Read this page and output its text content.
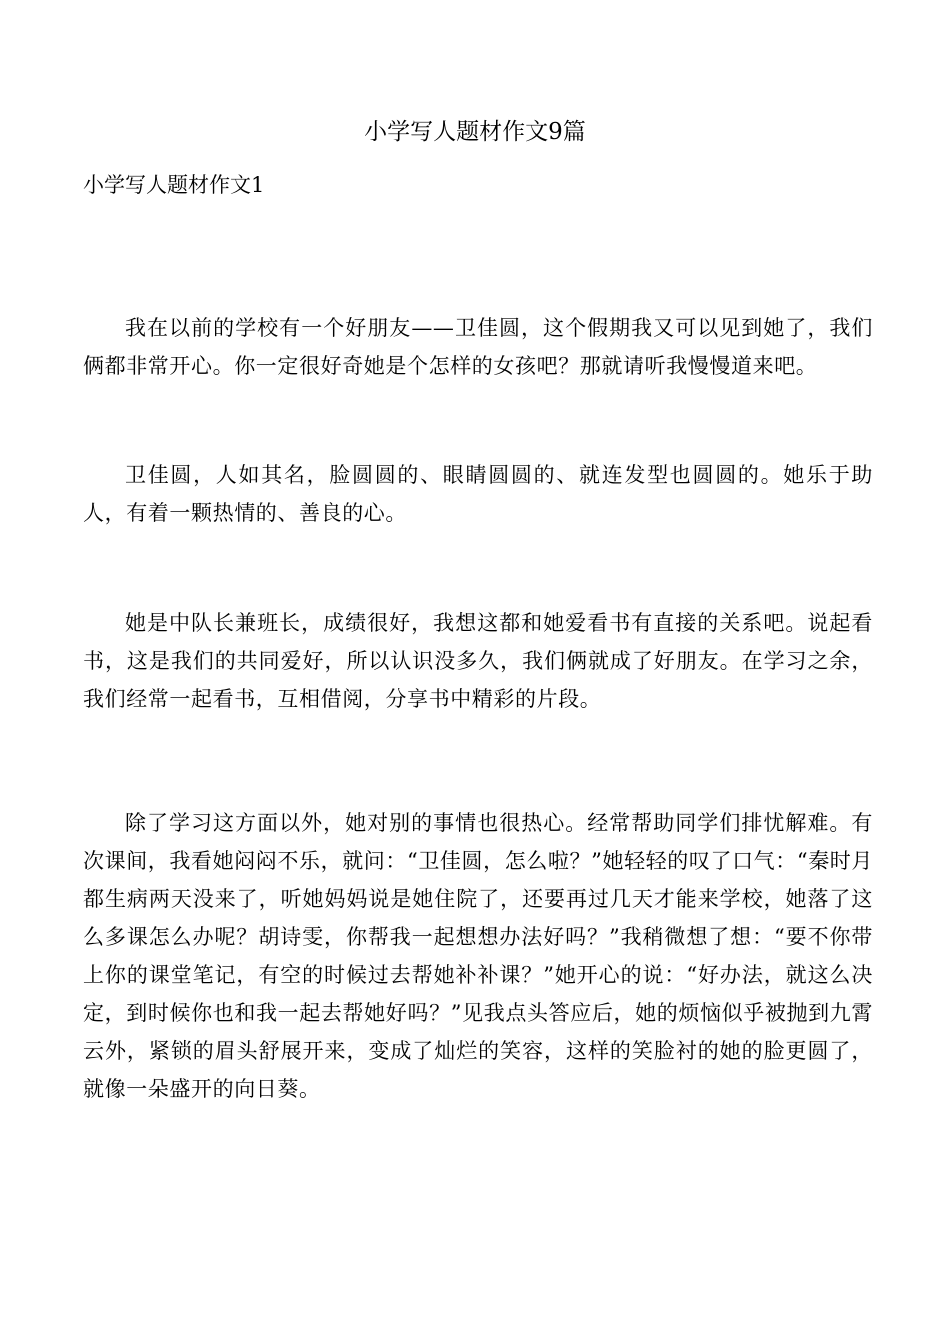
小学写人题材作文9篇
小学写人题材作文1

我在以前的学校有一个好朋友——卫佳圆，这个假期我又可以见到她了，我们俩都非常开心。你一定很好奇她是个怎样的女孩吧？那就请听我慢慢道来吧。

卫佳圆，人如其名，脸圆圆的、眼睛圆圆的、就连发型也圆圆的。她乐于助人，有着一颗热情的、善良的心。

她是中队长兼班长，成绩很好，我想这都和她爱看书有直接的关系吧。说起看书，这是我们的共同爱好，所以认识没多久，我们俩就成了好朋友。在学习之余，我们经常一起看书，互相借阅，分享书中精彩的片段。

除了学习这方面以外，她对别的事情也很热心。经常帮助同学们排忧解难。有次课间，我看她闷闷不乐，就问：“卫佳圆，怎么啦？”她轻轻的叹了口气：“秦时月都生病两天没来了，听她妈妈说是她住院了，还要再过几天才能来学校，她落了这么多课怎么办呢？胡诗雯，你帮我一起想想办法好吗？”我稍微想了想：“要不你带上你的课堂笔记，有空的时候过去帮她补补课？”她开心的说：“好办法，就这么决定，到时候你也和我一起去帮她好吗？”见我点头答应后，她的烦恼似乎被抛到九霄云外，紧锁的眉头舒展开来，变成了灿烂的笑容，这样的笑脸衬的她的脸更圆了，就像一朵盛开的向日葵。
